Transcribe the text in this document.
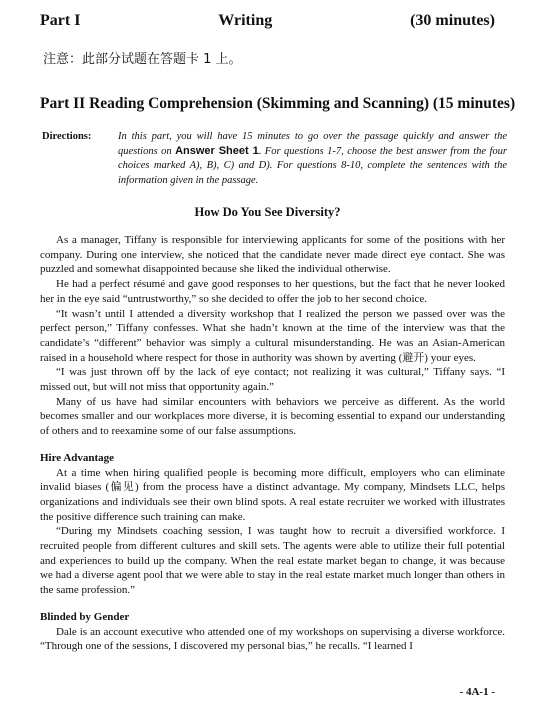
Part I	Writing	(30 minutes)
注意：此部分试题在答题卡 1 上。
Part II Reading Comprehension (Skimming and Scanning) (15 minutes)
Directions:	In this part, you will have 15 minutes to go over the passage quickly and answer the questions on Answer Sheet 1. For questions 1-7, choose the best answer from the four choices marked A), B), C) and D). For questions 8-10, complete the sentences with the information given in the passage.
How Do You See Diversity?

As a manager, Tiffany is responsible for interviewing applicants for some of the positions with her company. During one interview, she noticed that the candidate never made direct eye contact. She was puzzled and somewhat disappointed because she liked the individual otherwise.

He had a perfect résumé and gave good responses to her questions, but the fact that he never looked her in the eye said “untrustworthy,” so she decided to offer the job to her second choice.

“It wasn’t until I attended a diversity workshop that I realized the person we passed over was the perfect person,” Tiffany confesses. What she hadn’t known at the time of the interview was that the candidate’s “different” behavior was simply a cultural misunderstanding. He was an Asian-American raised in a household where respect for those in authority was shown by averting (避开) your eyes.

“I was just thrown off by the lack of eye contact; not realizing it was cultural,” Tiffany says. “I missed out, but will not miss that opportunity again.”

Many of us have had similar encounters with behaviors we perceive as different. As the world becomes smaller and our workplaces more diverse, it is becoming essential to expand our understanding of others and to reexamine some of our false assumptions.

Hire Advantage

At a time when hiring qualified people is becoming more difficult, employers who can eliminate invalid biases (偏见) from the process have a distinct advantage. My company, Mindsets LLC, helps organizations and individuals see their own blind spots. A real estate recruiter we worked with illustrates the positive difference such training can make.

“During my Mindsets coaching session, I was taught how to recruit a diversified workforce. I recruited people from different cultures and skill sets. The agents were able to utilize their full potential and experiences to build up the company. When the real estate market began to change, it was because we had a diverse agent pool that we were able to stay in the real estate market much longer than others in the same profession.”

Blinded by Gender

Dale is an account executive who attended one of my workshops on supervising a diverse workforce. “Through one of the sessions, I discovered my personal bias,” he recalls. “I learned I

- 4A-1 -
